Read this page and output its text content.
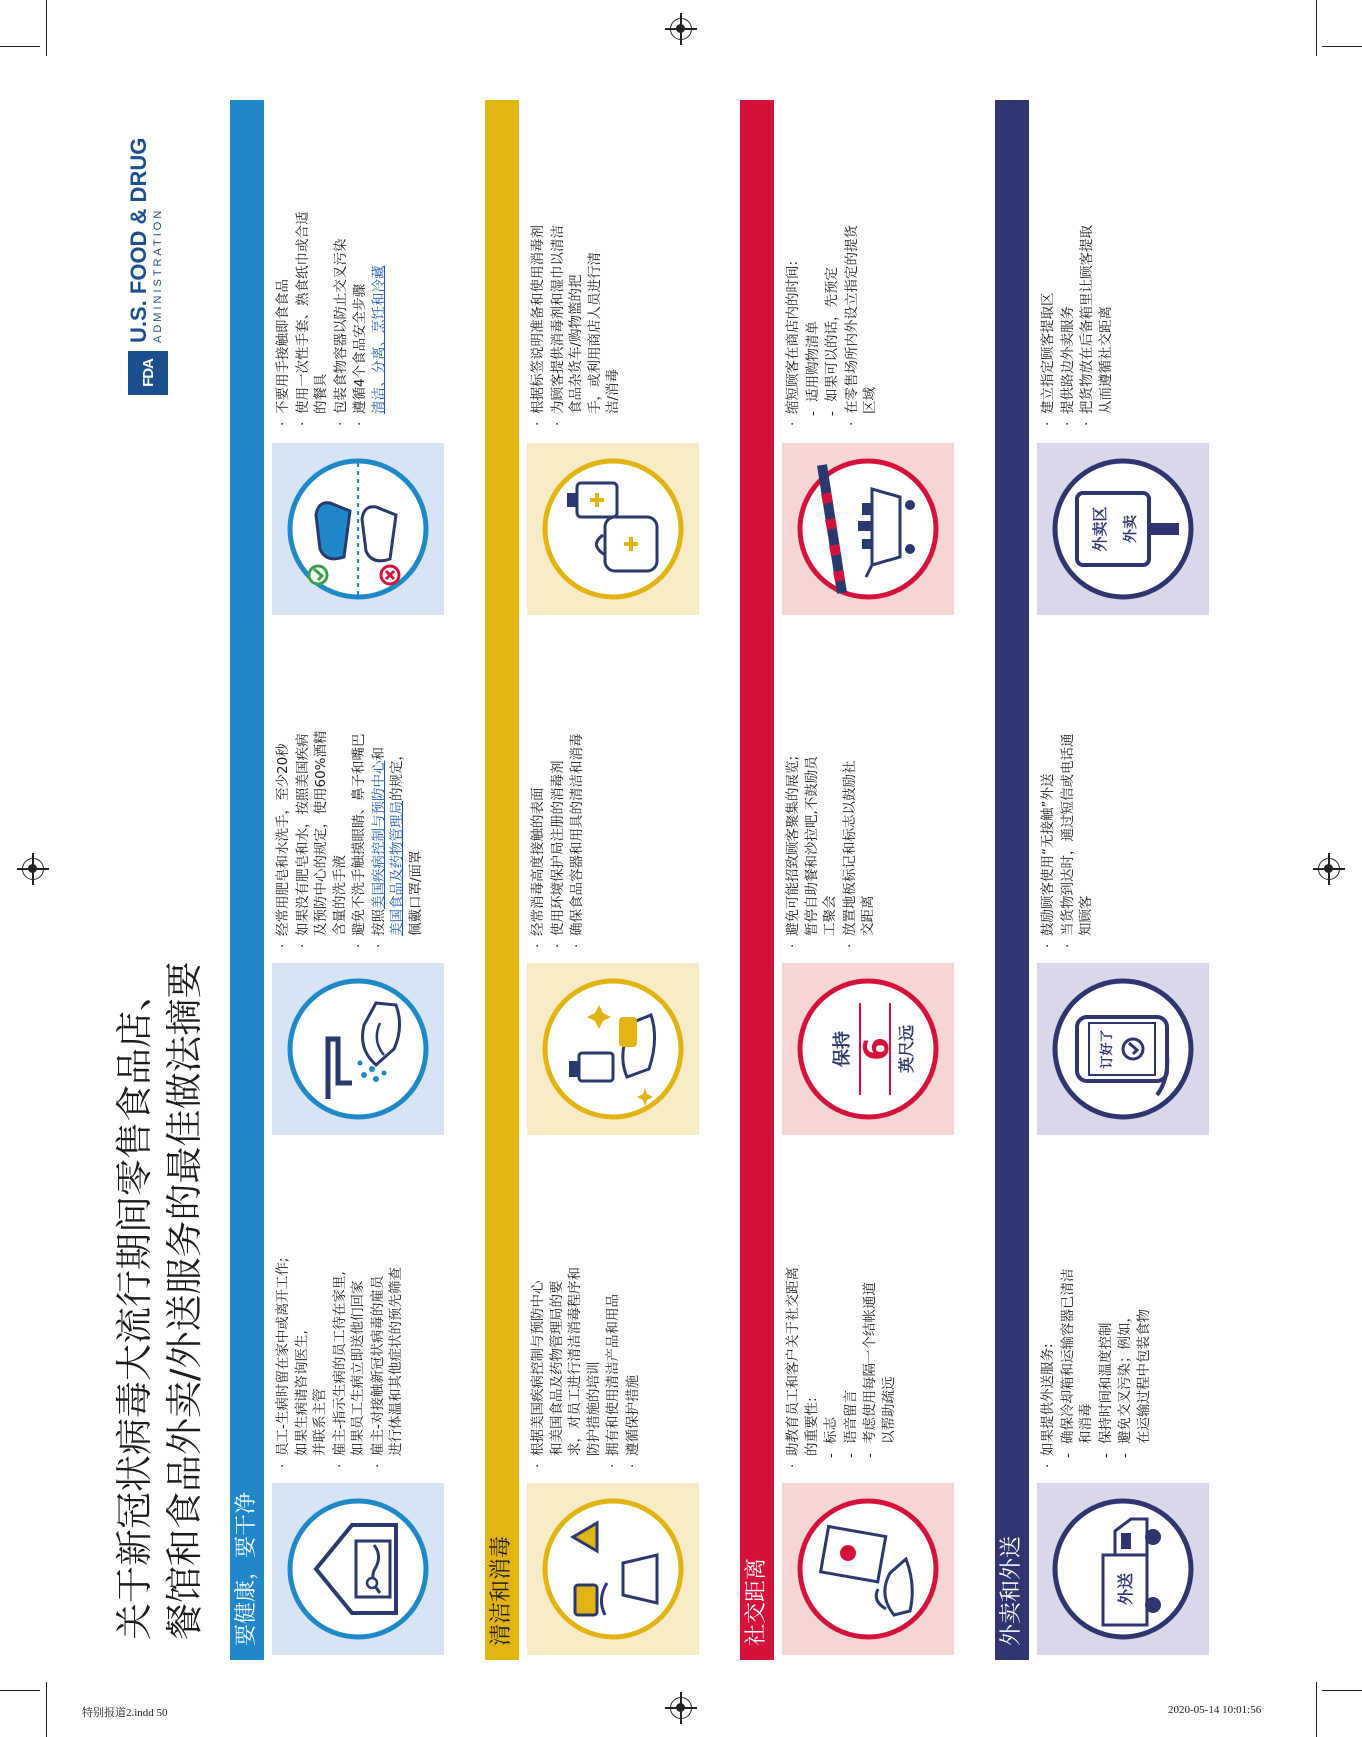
特别报道2.indd 50	2020-05-14 10:01:56
关于新冠状病毒大流行期间零售食品店、 餐馆和食品外卖/外送服务的最佳做法摘要
FDA
U.S. FOOD & DRUG ADMINISTRATION
要健康，要干净
· 员工-生病时留在家中或离开工作; 如果生病请咨询医生, 并联系主管 · 雇主-指示生病的员工待在家里, 如果员工生病立即送他们回家 · 雇主-对接触新冠状病毒的雇员 进行体温和其他症状的预先筛查
· 经常用肥皂和水洗手，至少20秒 · 如果没有肥皂和水，按照美国疾病 及预防中心的规定，使用60%酒精 含量的洗手液 · 避免不洗手触摸眼睛、鼻子和嘴巴 · 按照美国疾病控制与预防中心和
美国食品及药物管理局的规定，
佩戴口罩/面罩
· 不要用手接触即食食品 · 使用一次性手套、熟食纸巾或合适 的餐具 · 包装食物容器以防止交叉污染 · 遵循4个食品安全步骤 清洁、分离、烹饪和冷藏
清洁和消毒
· 根据美国疾病控制与预防中心 和美国食品及药物管理局的要 求，对员工进行清洁消毒程序和 防护措施的培训 · 拥有和使用清洁产品和用品 · 遵循保护措施
· 经常消毒高度接触的表面 · 使用环境保护局注册的消毒剂 · 确保食品容器和用具的清洁和消毒
· 根据标签说明准备和使用消毒剂 · 为顾客提供消毒剂和湿巾以清洁 食品杂货车/购物篮的把 手，或利用商店人员进行清 洁/消毒
社交距离
· 助教育员工和客户关于社交距离 的重要性: - 标志 - 语音留言 - 考虑使用每隔一个结帐通道 以帮助疏远
保持 6 英尺远
· 避免可能招致顾客聚集的展览; 暂停自助餐和沙拉吧,不鼓励员 工聚会 · 放置地板标记和标志以鼓励社 交距离
· 缩短顾客在商店内的时间: - 适用购物清单 - 如果可以的话，先预定 · 在零售场所内外设立指定的提货 区域
外卖和外送	外送
· 如果提供外送服务: - 确保冷却箱和运输容器已清洁 和消毒 - 保持时间和温度控制 - 避免交叉污染；例如， 在运输过程中包装食物
订好了
· 鼓励顾客使用“无接触”外送 · 当货物到达时，通过短信或电话通 知顾客
外卖区 外卖
· 建立指定顾客提取区 · 提供路边外卖服务 · 把货物放在后备箱里让顾客提取 从而遵循社交距离
